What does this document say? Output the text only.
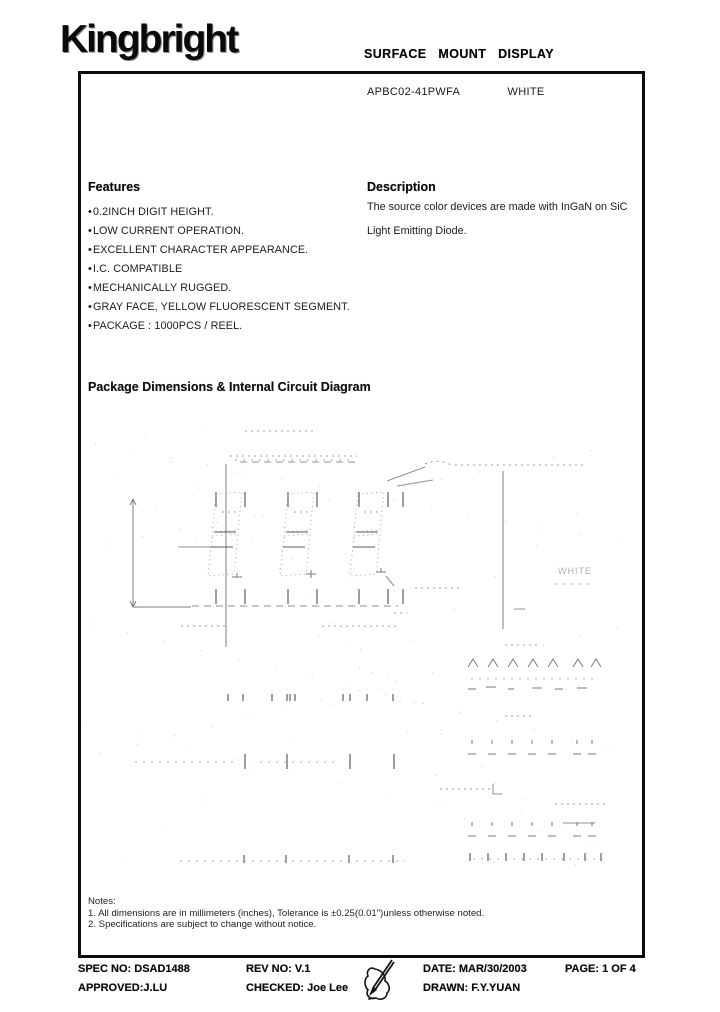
Kingbright	SURFACE MOUNT DISPLAY
APBC02-41PWFA	WHITE
Features
• 0.2INCH DIGIT HEIGHT.
• LOW CURRENT OPERATION.
• EXCELLENT CHARACTER APPEARANCE.
• I.C. COMPATIBLE
• MECHANICALLY RUGGED.
• GRAY FACE, YELLOW FLUORESCENT SEGMENT.
• PACKAGE : 1000PCS / REEL.
Description
The source color devices are made with InGaN on SiC
Light Emitting Diode.
Package Dimensions & Internal Circuit Diagram
WHITE
Notes:
1. All dimensions are in millimeters (inches), Tolerance is ±0.25(0.01")unless otherwise noted.
2. Specifications are subject to change without notice.
SPEC NO: DSAD1488
APPROVED:J.LU
REV NO: V.1
CHECKED: Joe Lee
DATE: MAR/30/2003
DRAWN: F.Y.YUAN
PAGE: 1 OF 4
